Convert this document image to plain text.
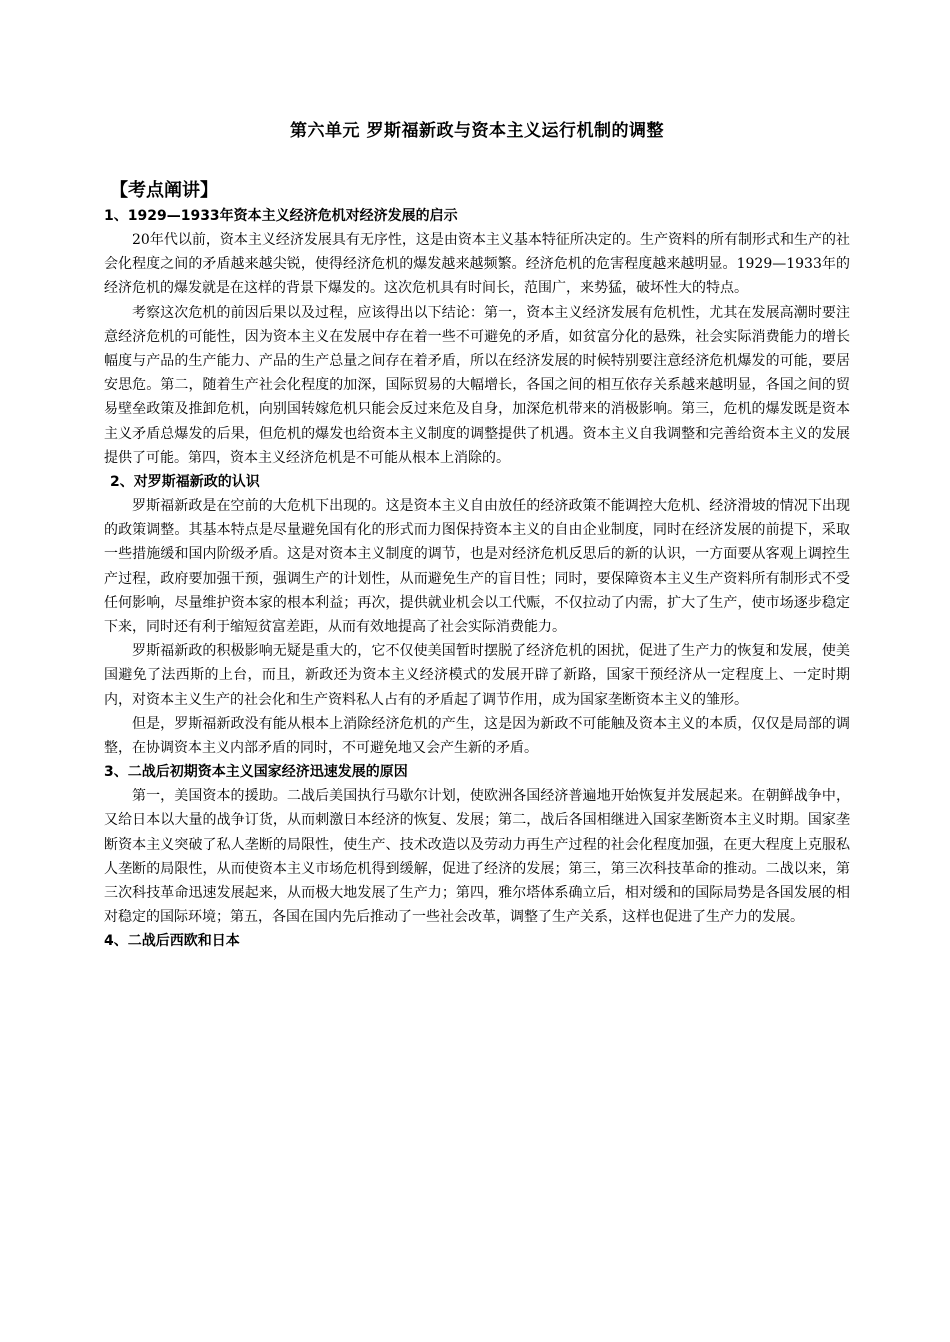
第六单元 罗斯福新政与资本主义运行机制的调整
【考点阐讲】
1、1929—1933年资本主义经济危机对经济发展的启示

20年代以前，资本主义经济发展具有无序性，这是由资本主义基本特征所决定的。生产资料的所有制形式和生产的社会化程度之间的矛盾越来越尖锐，使得经济危机的爆发越来越频繁。经济危机的危害程度越来越明显。1929—1933年的经济危机的爆发就是在这样的背景下爆发的。这次危机具有时间长，范围广，来势猛，破坏性大的特点。

考察这次危机的前因后果以及过程，应该得出以下结论：第一，资本主义经济发展有危机性，尤其在发展高潮时要注意经济危机的可能性，因为资本主义在发展中存在着一些不可避免的矛盾，如贫富分化的悬殊，社会实际消费能力的增长幅度与产品的生产能力、产品的生产总量之间存在着矛盾，所以在经济发展的时候特别要注意经济危机爆发的可能，要居安思危。第二，随着生产社会化程度的加深，国际贸易的大幅增长，各国之间的相互依存关系越来越明显，各国之间的贸易壁垒政策及推卸危机，向别国转嫁危机只能会反过来危及自身，加深危机带来的消极影响。第三，危机的爆发既是资本主义矛盾总爆发的后果，但危机的爆发也给资本主义制度的调整提供了机遇。资本主义自我调整和完善给资本主义的发展提供了可能。第四，资本主义经济危机是不可能从根本上消除的。

2、对罗斯福新政的认识

罗斯福新政是在空前的大危机下出现的。这是资本主义自由放任的经济政策不能调控大危机、经济滑坡的情况下出现的政策调整。其基本特点是尽量避免国有化的形式而力图保持资本主义的自由企业制度，同时在经济发展的前提下，采取一些措施缓和国内阶级矛盾。这是对资本主义制度的调节，也是对经济危机反思后的新的认识，一方面要从客观上调控生产过程，政府要加强干预，强调生产的计划性，从而避免生产的盲目性；同时，要保障资本主义生产资料所有制形式不受任何影响，尽量维护资本家的根本利益；再次，提供就业机会以工代赈，不仅拉动了内需，扩大了生产，使市场逐步稳定下来，同时还有利于缩短贫富差距，从而有效地提高了社会实际消费能力。

罗斯福新政的积极影响无疑是重大的，它不仅使美国暂时摆脱了经济危机的困扰，促进了生产力的恢复和发展，使美国避免了法西斯的上台，而且，新政还为资本主义经济模式的发展开辟了新路，国家干预经济从一定程度上、一定时期内，对资本主义生产的社会化和生产资料私人占有的矛盾起了调节作用，成为国家垄断资本主义的雏形。

但是，罗斯福新政没有能从根本上消除经济危机的产生，这是因为新政不可能触及资本主义的本质，仅仅是局部的调整，在协调资本主义内部矛盾的同时，不可避免地又会产生新的矛盾。

3、二战后初期资本主义国家经济迅速发展的原因

第一，美国资本的援助。二战后美国执行马歇尔计划，使欧洲各国经济普遍地开始恢复并发展起来。在朝鲜战争中，又给日本以大量的战争订货，从而刺激日本经济的恢复、发展；第二，战后各国相继进入国家垄断资本主义时期。国家垄断资本主义突破了私人垄断的局限性，使生产、技术改造以及劳动力再生产过程的社会化程度加强，在更大程度上克服私人垄断的局限性，从而使资本主义市场危机得到缓解，促进了经济的发展；第三，第三次科技革命的推动。二战以来，第三次科技革命迅速发展起来，从而极大地发展了生产力；第四，雅尔塔体系确立后，相对缓和的国际局势是各国发展的相对稳定的国际环境；第五，各国在国内先后推动了一些社会改革，调整了生产关系，这样也促进了生产力的发展。

4、二战后西欧和日本
